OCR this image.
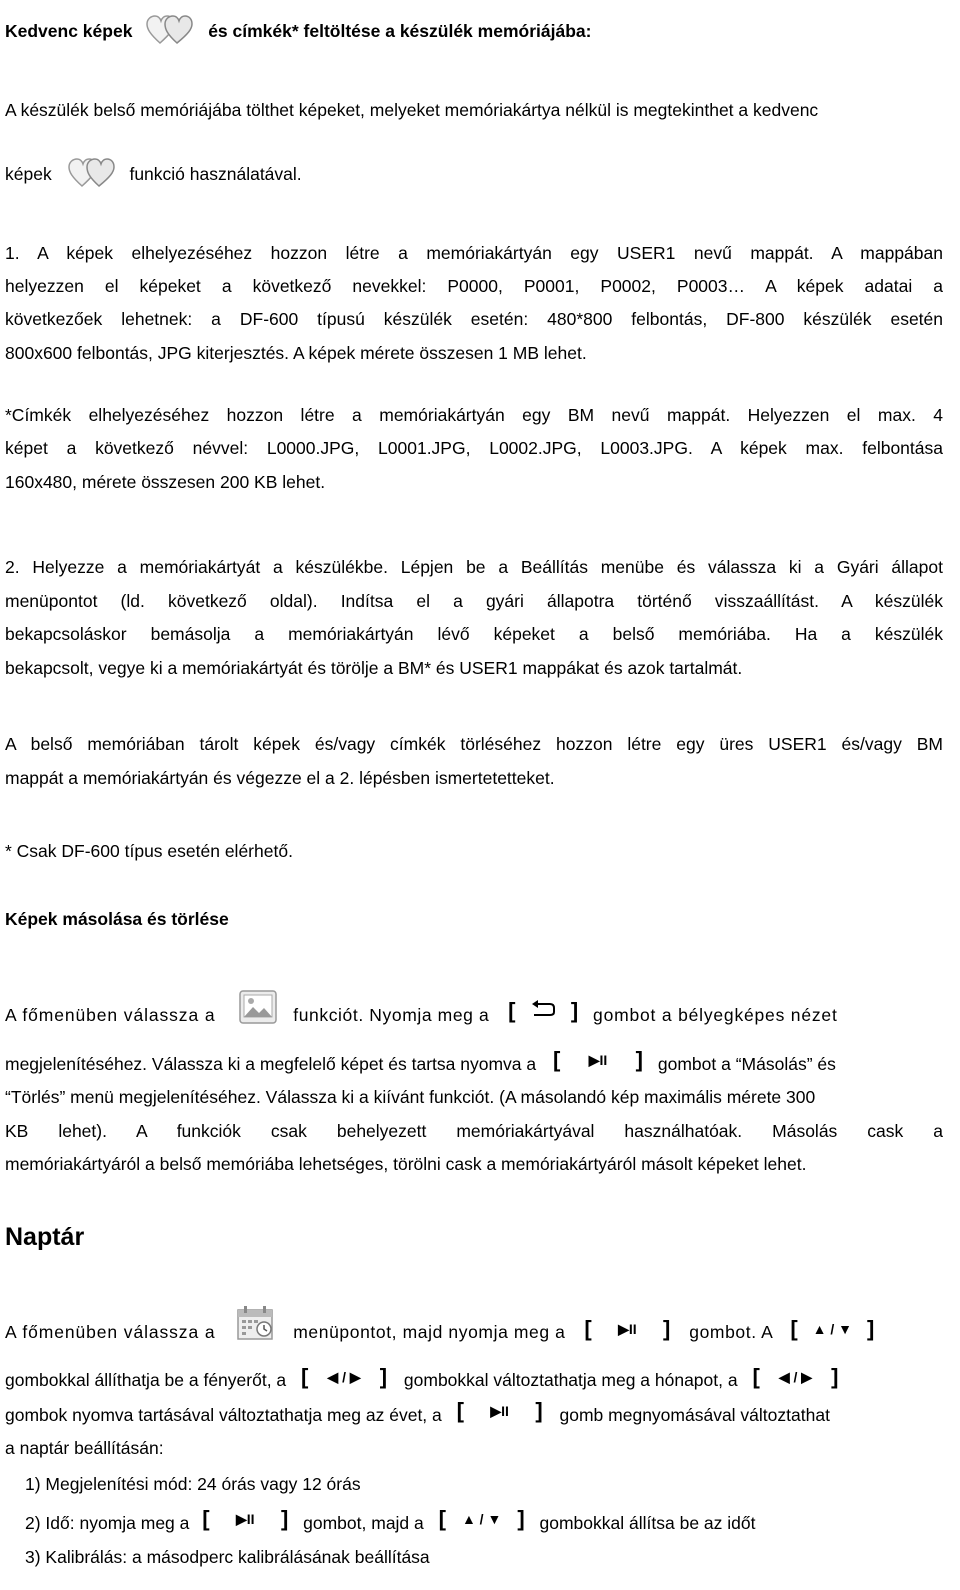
Kedvenc képek	és címkék* feltöltése a készülék memóriájába:
A készülék belső memóriájába tölthet képeket, melyeket memóriakártya nélkül is megtekinthet a kedvenc
képek	funkció használatával.
1. A képek elhelyezéséhez hozzon létre a memóriakártyán egy USER1 nevű mappát. A mappában
helyezzen el képeket a következő nevekkel: P0000, P0001, P0002, P0003… A képek adatai a
következőek lehetnek: a DF-600 típusú készülék esetén: 480*800 felbontás, DF-800 készülék esetén
800x600 felbontás, JPG kiterjesztés. A képek mérete összesen 1 MB lehet.
*Címkék elhelyezéséhez hozzon létre a memóriakártyán egy BM nevű mappát. Helyezzen el max. 4
képet a következő névvel: L0000.JPG, L0001.JPG, L0002.JPG, L0003.JPG. A képek max. felbontása
160x480, mérete összesen 200 KB lehet.
2. Helyezze a memóriakártyát a készülékbe. Lépjen be a Beállítás menübe és válassza ki a Gyári állapot
menüpontot (ld. következő oldal). Indítsa el a gyári állapotra történő visszaállítást. A készülék
bekapcsoláskor bemásolja a memóriakártyán lévő képeket a belső memóriába. Ha a készülék
bekapcsolt, vegye ki a memóriakártyát és törölje a BM* és USER1 mappákat és azok tartalmát.
A belső memóriában tárolt képek és/vagy címkék törléséhez hozzon létre egy üres USER1 és/vagy BM
mappát a memóriakártyán és végezze el a 2. lépésben ismertetetteket.
* Csak DF-600 típus esetén elérhető.
Képek másolása és törlése
A főmenüben válassza a	funkciót. Nyomja meg a [	] gombot a bélyegképes nézet
megjelenítéséhez. Válassza ki a megfelelő képet és tartsa nyomva a [	▶II	] gombot a “Másolás” és
“Törlés” menü megjelenítéséhez. Válassza ki a kiívánt funkciót. (A másolandó kép maximális mérete 300
KB lehet). A funkciók csak behelyezett memóriakártyával használhatóak. Másolás cask a
memóriakártyáról a belső memóriába lehetséges, törölni cask a memóriakártyáról másolt képeket lehet.
Naptár
A főmenüben válassza a	menüpontot, majd nyomja meg a [	▶II	] gombot. A [	▲ / ▼ ]
gombokkal állíthatja be a fényerőt, a [	◀ / ▶ ] gombokkal változtathatja meg a hónapot, a [	◀ / ▶ ]
gombok nyomva tartásával változtathatja meg az évet, a [	▶II	] gomb megnyomásával változtathat
a naptár beállításán:
1) Megjelenítési mód: 24 órás vagy 12 órás
2) Idő: nyomja meg a [	▶II	] gombot, majd a [	▲ / ▼ ] gombokkal állítsa be az időt
3) Kalibrálás: a másodperc kalibrálásának beállítása
